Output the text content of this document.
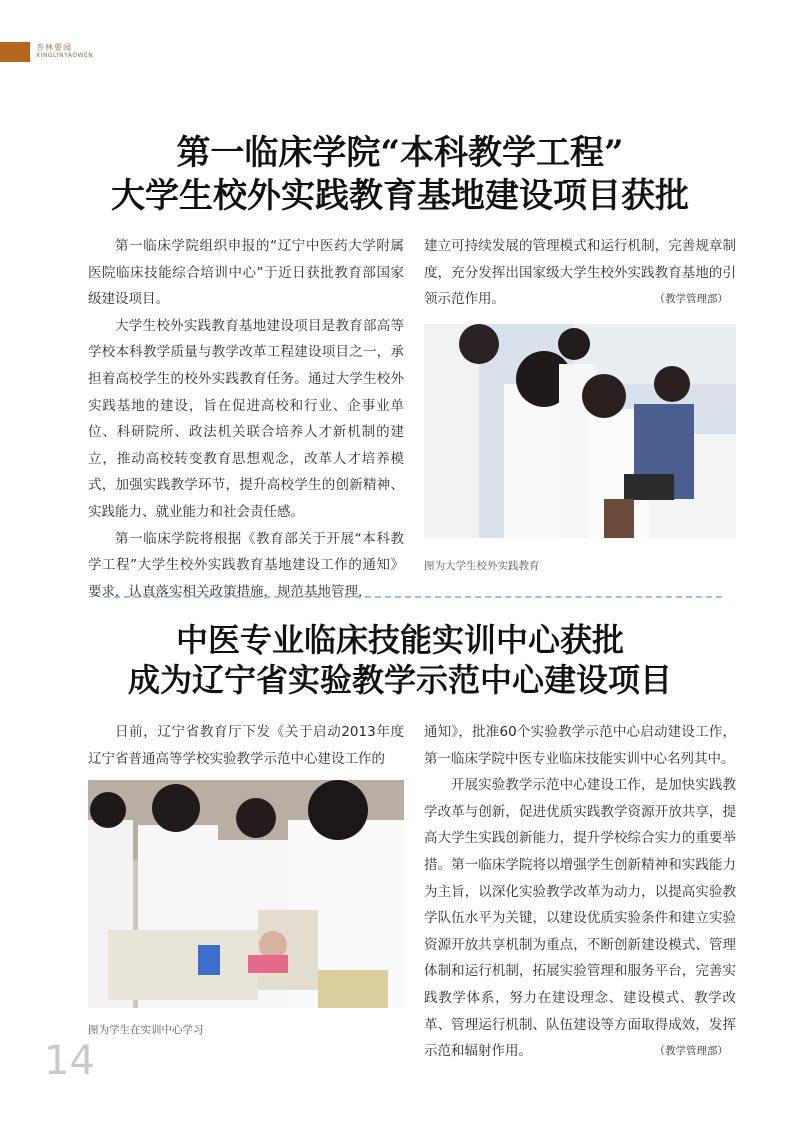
杏林要闻
XINGLINYAOWEN
第一临床学院“本科教学工程”
大学生校外实践教育基地建设项目获批

第一临床学院组织申报的“辽宁中医药大学附属医院临床技能综合培训中心”于近日获批教育部国家级建设项目。

大学生校外实践教育基地建设项目是教育部高等学校本科教学质量与教学改革工程建设项目之一，承担着高校学生的校外实践教育任务。通过大学生校外实践基地的建设，旨在促进高校和行业、企事业单位、科研院所、政法机关联合培养人才新机制的建立，推动高校转变教育思想观念，改革人才培养模式，加强实践教学环节，提升高校学生的创新精神、实践能力、就业能力和社会责任感。

第一临床学院将根据《教育部关于开展“本科教学工程”大学生校外实践教育基地建设工作的通知》要求，认真落实相关政策措施，规范基地管理，

建立可持续发展的管理模式和运行机制，完善规章制度，充分发挥出国家级大学生校外实践教育基地的引领示范作用。	（教学管理部）

图为大学生校外实践教育
中医专业临床技能实训中心获批
成为辽宁省实验教学示范中心建设项目

日前，辽宁省教育厅下发《关于启动2013年度辽宁省普通高等学校实验教学示范中心建设工作的

图为学生在实训中心学习

通知》，批准60个实验教学示范中心启动建设工作，第一临床学院中医专业临床技能实训中心名列其中。

开展实验教学示范中心建设工作，是加快实践教学改革与创新，促进优质实践教学资源开放共享，提高大学生实践创新能力，提升学校综合实力的重要举措。第一临床学院将以增强学生创新精神和实践能力为主旨，以深化实验教学改革为动力，以提高实验教学队伍水平为关键，以建设优质实验条件和建立实验资源开放共享机制为重点，不断创新建设模式、管理体制和运行机制，拓展实验管理和服务平台，完善实践教学体系，努力在建设理念、建设模式、教学改革、管理运行机制、队伍建设等方面取得成效，发挥示范和辐射作用。	（教学管理部）

14
